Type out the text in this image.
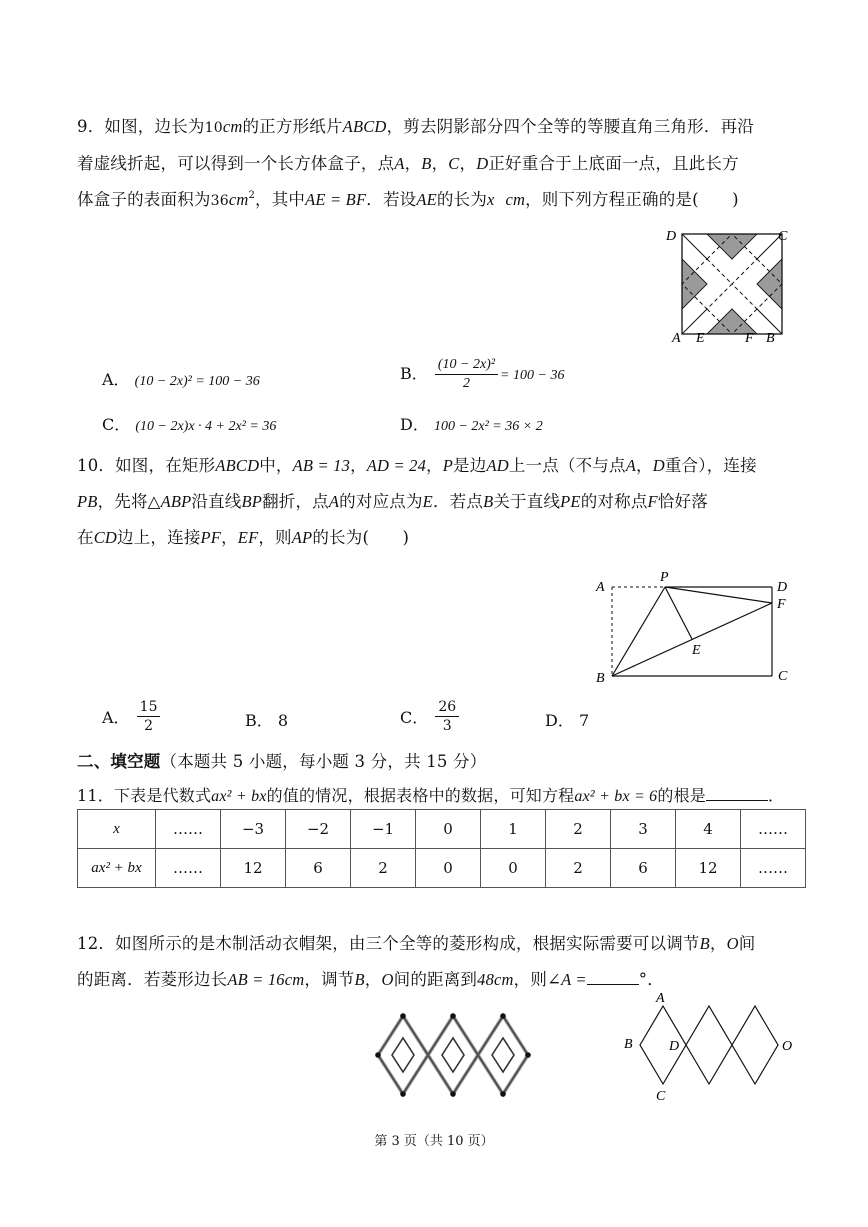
9．如图，边长为10cm的正方形纸片ABCD，剪去阴影部分四个全等的等腰直角三角形．再沿
着虚线折起，可以得到一个长方体盒子，点A，B，C，D正好重合于上底面一点，且此长方
体盒子的表面积为$36cm^2$，其中AE = BF．若设AE的长为x cm，则下列方程正确的是(　　)
D	C
A E	F B
A． (10 − 2x)² = 100 − 36	B． $\frac{\text{(10 − 2x)²}}{2} = 100 - 36$
C． (10 − 2x)x · 4 + 2x² = 36	D． 100 − 2x² = 36 × 2
10．如图，在矩形ABCD中，AB = 13，AD = 24，P是边AD上一点（不与点A，D重合），连接
PB，先将△ABP沿直线BP翻折，点A的对应点为E．若点B关于直线PE的对称点F恰好落
在CD边上，连接PF，EF，则AP的长为(　　)
A
P
D
F
E
B	C
A． $\frac{15}{2}$	B． 8	C． $\frac{26}{3}$	D． 7
二、填空题（本题共 5 小题，每小题 3 分，共 15 分）
11．下表是代数式ax² + bx的值的情况，根据表格中的数据，可知方程ax² + bx = 6的根是	．
x	……	−3	−2	−1	0	1	2	3	4	……
ax² + bx	……	12	6	2	0	0	2	6	12	……
12．如图所示的是木制活动衣帽架，由三个全等的菱形构成，根据实际需要可以调节B，O间
的距离．若菱形边长AB = 16cm，调节B，O间的距离到48cm，则∠A =	°．
A
B	D	O
C
第 3 页（共 10 页）
